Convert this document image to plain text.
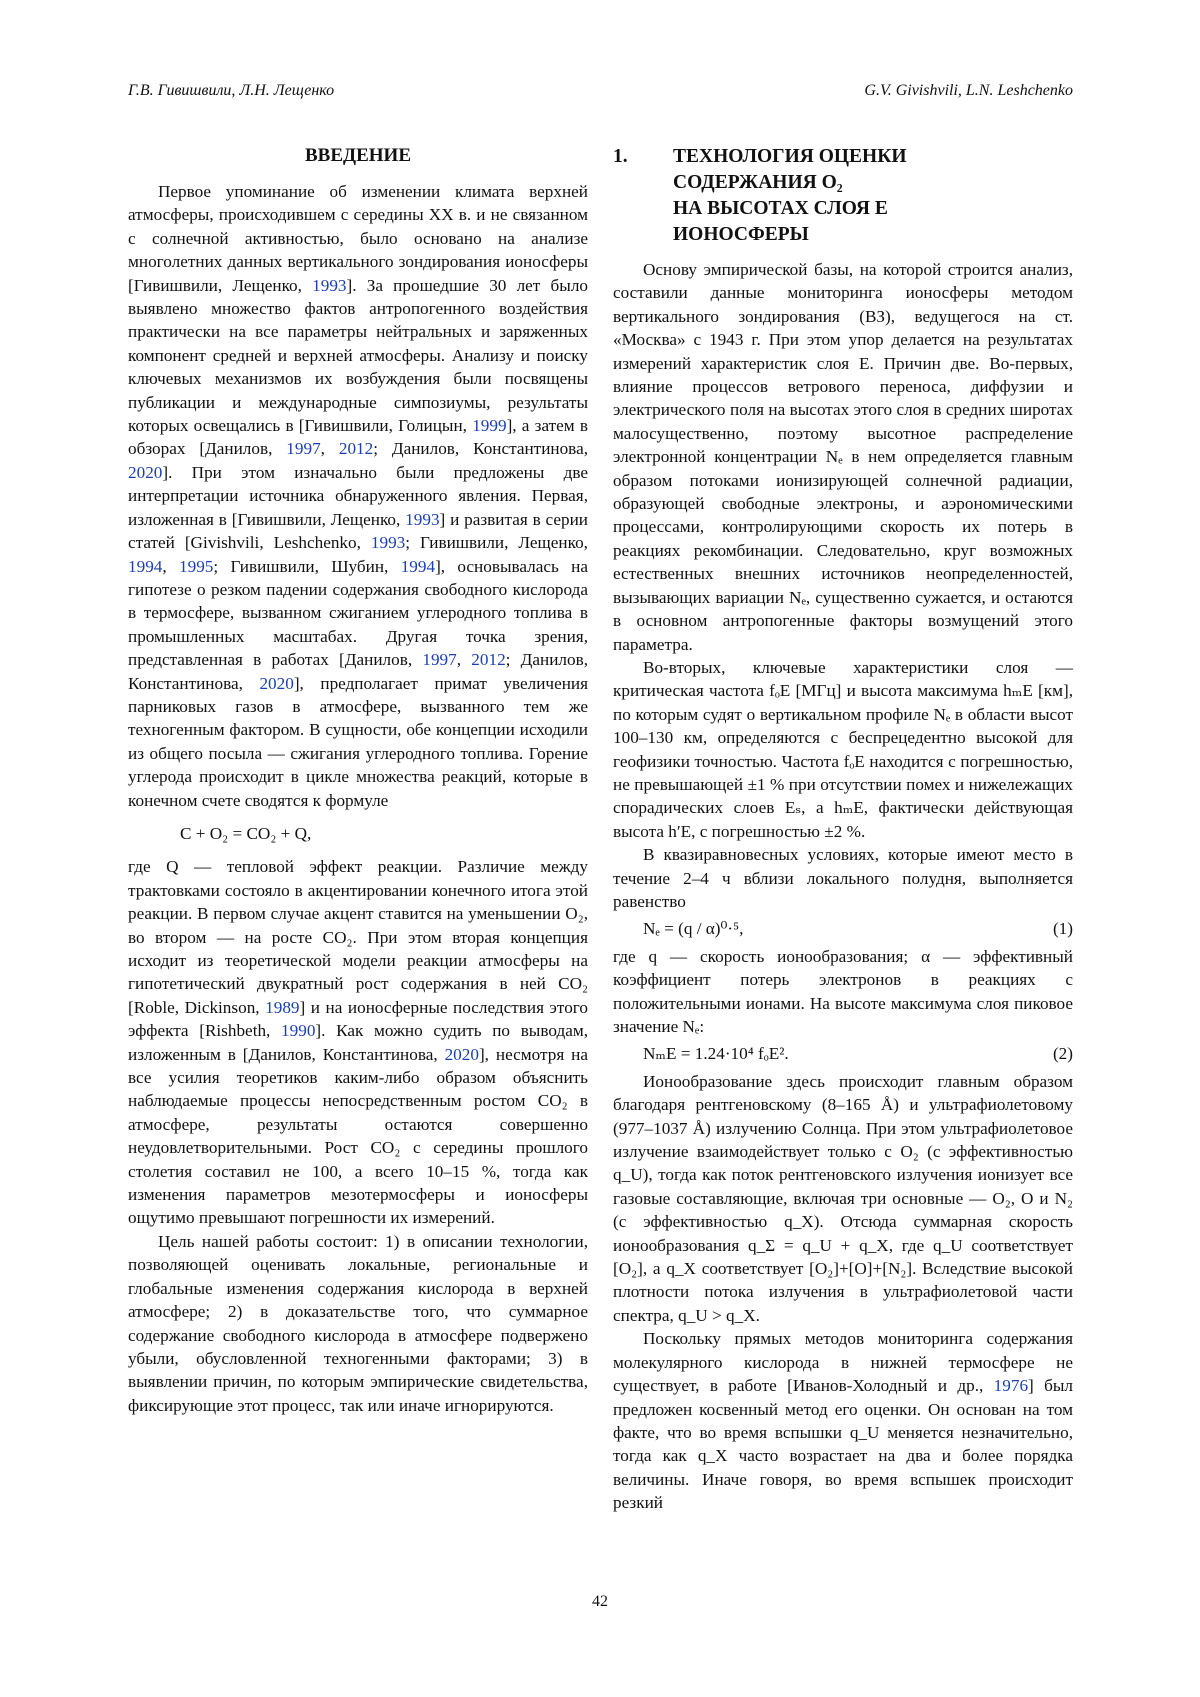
Г.В. Гивишвили, Л.Н. Лещенко	G.V. Givishvili, L.N. Leshchenko
ВВЕДЕНИЕ

Первое упоминание об изменении климата верхней атмосферы, происходившем с середины XX в. и не связанном с солнечной активностью, было основано на анализе многолетних данных вертикального зондирования ионосферы [Гивишвили, Лещенко, 1993]. За прошедшие 30 лет было выявлено множество фактов антропогенного воздействия практически на все параметры нейтральных и заряженных компонент средней и верхней атмосферы. Анализу и поиску ключевых механизмов их возбуждения были посвящены публикации и международные симпозиумы, результаты которых освещались в [Гивишвили, Голицын, 1999], а затем в обзорах [Данилов, 1997, 2012; Данилов, Константинова, 2020]. При этом изначально были предложены две интерпретации источника обнаруженного явления. Первая, изложенная в [Гивишвили, Лещенко, 1993] и развитая в серии статей [Givishvili, Leshchenko, 1993; Гивишвили, Лещенко, 1994, 1995; Гивишвили, Шубин, 1994], основывалась на гипотезе о резком падении содержания свободного кислорода в термосфере, вызванном сжиганием углеродного топлива в промышленных масштабах. Другая точка зрения, представленная в работах [Данилов, 1997, 2012; Данилов, Константинова, 2020], предполагает примат увеличения парниковых газов в атмосфере, вызванного тем же техногенным фактором. В сущности, обе концепции исходили из общего посыла — сжигания углеродного топлива. Горение углерода происходит в цикле множества реакций, которые в конечном счете сводятся к формуле

C + O₂ = CO₂ + Q,

где Q — тепловой эффект реакции. Различие между трактовками состояло в акцентировании конечного итога этой реакции. В первом случае акцент ставится на уменьшении O₂, во втором — на росте CO₂. При этом вторая концепция исходит из теоретической модели реакции атмосферы на гипотетический двукратный рост содержания в ней CO₂ [Roble, Dickinson, 1989] и на ионосферные последствия этого эффекта [Rishbeth, 1990]. Как можно судить по выводам, изложенным в [Данилов, Константинова, 2020], несмотря на все усилия теоретиков каким-либо образом объяснить наблюдаемые процессы непосредственным ростом CO₂ в атмосфере, результаты остаются совершенно неудовлетворительными. Рост CO₂ с середины прошлого столетия составил не 100, а всего 10–15 %, тогда как изменения параметров мезотермосферы и ионосферы ощутимо превышают погрешности их измерений.

Цель нашей работы состоит: 1) в описании технологии, позволяющей оценивать локальные, региональные и глобальные изменения содержания кислорода в верхней атмосфере; 2) в доказательстве того, что суммарное содержание свободного кислорода в атмосфере подвержено убыли, обусловленной техногенными факторами; 3) в выявлении причин, по которым эмпирические свидетельства, фиксирующие этот процесс, так или иначе игнорируются.

1.	ТЕХНОЛОГИЯ ОЦЕНКИ
СОДЕРЖАНИЯ O₂
НА ВЫСОТАХ СЛОЯ Е
ИОНОСФЕРЫ

Основу эмпирической базы, на которой строится анализ, составили данные мониторинга ионосферы методом вертикального зондирования (ВЗ), ведущегося на ст. «Москва» с 1943 г. При этом упор делается на результатах измерений характеристик слоя Е. Причин две. Во-первых, влияние процессов ветрового переноса, диффузии и электрического поля на высотах этого слоя в средних широтах малосущественно, поэтому высотное распределение электронной концентрации Nₑ в нем определяется главным образом потоками ионизирующей солнечной радиации, образующей свободные электроны, и аэрономическими процессами, контролирующими скорость их потерь в реакциях рекомбинации. Следовательно, круг возможных естественных внешних источников неопределенностей, вызывающих вариации Nₑ, существенно сужается, и остаются в основном антропогенные факторы возмущений этого параметра.

Во-вторых, ключевые характеристики слоя — критическая частота fₒE [МГц] и высота максимума hₘE [км], по которым судят о вертикальном профиле Nₑ в области высот 100–130 км, определяются с беспрецедентно высокой для геофизики точностью. Частота fₒE находится с погрешностью, не превышающей ±1 % при отсутствии помех и нижележащих спорадических слоев Eₛ, а hₘE, фактически действующая высота h′E, с погрешностью ±2 %.

В квазиравновесных условиях, которые имеют место в течение 2–4 ч вблизи локального полудня, выполняется равенство

Nₑ = (q / α)⁰·⁵,	(1)

где q — скорость ионообразования; α — эффективный коэффициент потерь электронов в реакциях с положительными ионами. На высоте максимума слоя пиковое значение Nₑ:

NₘE = 1.24·10⁴ fₒE².	(2)

Ионообразование здесь происходит главным образом благодаря рентгеновскому (8–165 Å) и ультрафиолетовому (977–1037 Å) излучению Солнца. При этом ультрафиолетовое излучение взаимодействует только с O₂ (с эффективностью q_U), тогда как поток рентгеновского излучения ионизует все газовые составляющие, включая три основные — O₂, O и N₂ (с эффективностью q_X). Отсюда суммарная скорость ионообразования q_Σ = q_U + q_X, где q_U соответствует [O₂], а q_X соответствует [O₂]+[O]+[N₂]. Вследствие высокой плотности потока излучения в ультрафиолетовой части спектра, q_U > q_X.

Поскольку прямых методов мониторинга содержания молекулярного кислорода в нижней термосфере не существует, в работе [Иванов-Холодный и др., 1976] был предложен косвенный метод его оценки. Он основан на том факте, что во время вспышки q_U меняется незначительно, тогда как q_X часто возрастает на два и более порядка величины. Иначе говоря, во время вспышек происходит резкий

42
